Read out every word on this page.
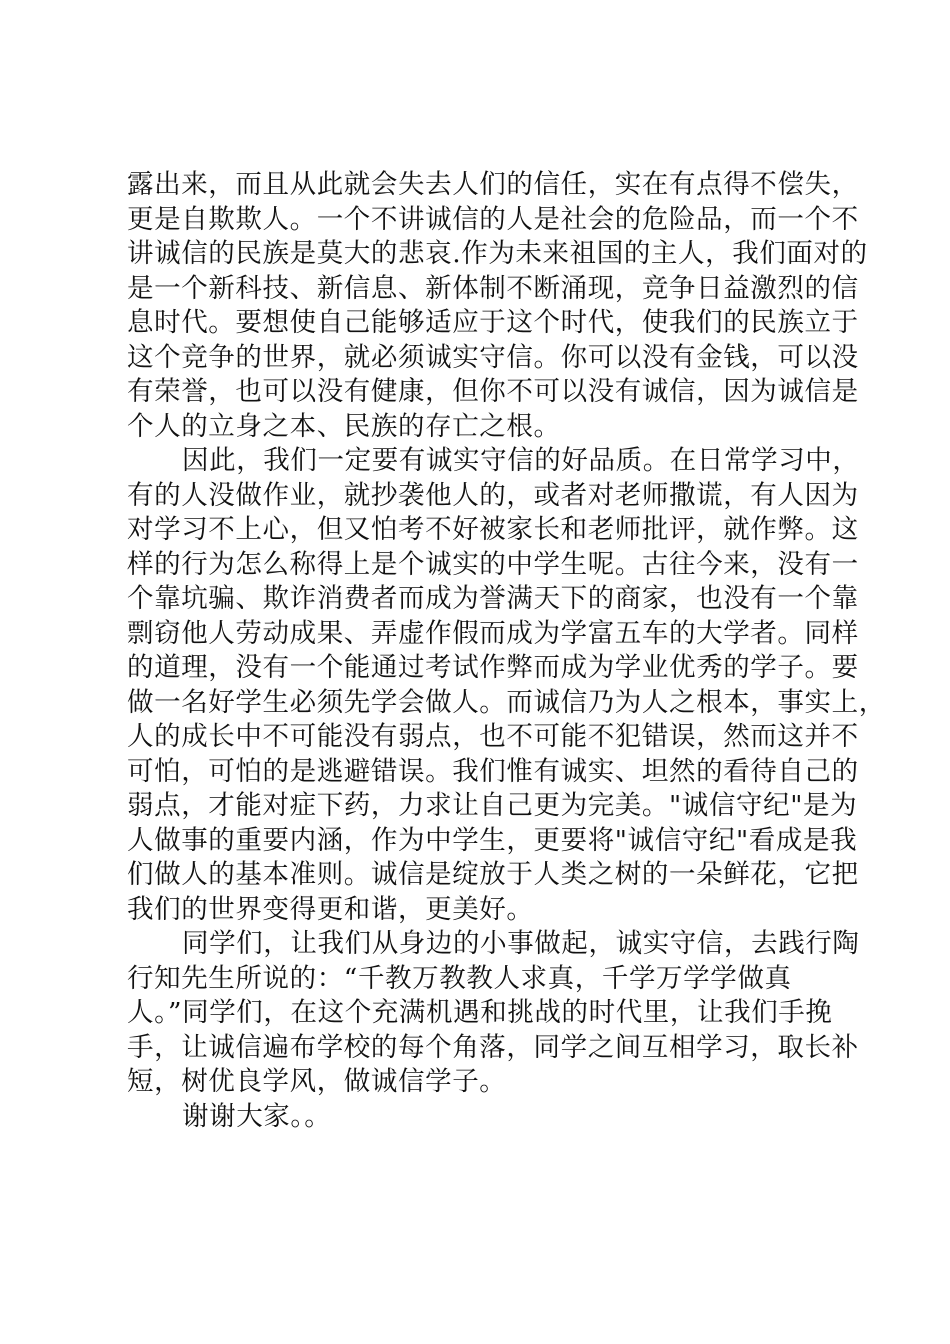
露出来，而且从此就会失去人们的信任，实在有点得不偿失，
更是自欺欺人。一个不讲诚信的人是社会的危险品，而一个不
讲诚信的民族是莫大的悲哀.作为未来祖国的主人，我们面对的
是一个新科技、新信息、新体制不断涌现，竞争日益激烈的信
息时代。要想使自己能够适应于这个时代，使我们的民族立于
这个竞争的世界，就必须诚实守信。你可以没有金钱，可以没
有荣誉，也可以没有健康，但你不可以没有诚信，因为诚信是
个人的立身之本、民族的存亡之根。
因此，我们一定要有诚实守信的好品质。在日常学习中，
有的人没做作业，就抄袭他人的，或者对老师撒谎，有人因为
对学习不上心，但又怕考不好被家长和老师批评，就作弊。这
样的行为怎么称得上是个诚实的中学生呢。古往今来，没有一
个靠坑骗、欺诈消费者而成为誉满天下的商家，也没有一个靠
剽窃他人劳动成果、弄虚作假而成为学富五车的大学者。同样
的道理，没有一个能通过考试作弊而成为学业优秀的学子。要
做一名好学生必须先学会做人。而诚信乃为人之根本，事实上，
人的成长中不可能没有弱点，也不可能不犯错误，然而这并不
可怕，可怕的是逃避错误。我们惟有诚实、坦然的看待自己的
弱点，才能对症下药，力求让自己更为完美。"诚信守纪"是为
人做事的重要内涵，作为中学生，更要将"诚信守纪"看成是我
们做人的基本准则。诚信是绽放于人类之树的一朵鲜花，它把
我们的世界变得更和谐，更美好。
同学们，让我们从身边的小事做起，诚实守信，去践行陶
行知先生所说的：“千教万教教人求真，千学万学学做真
人。”同学们，在这个充满机遇和挑战的时代里，让我们手挽
手，让诚信遍布学校的每个角落，同学之间互相学习，取长补
短，树优良学风，做诚信学子。
谢谢大家。。
